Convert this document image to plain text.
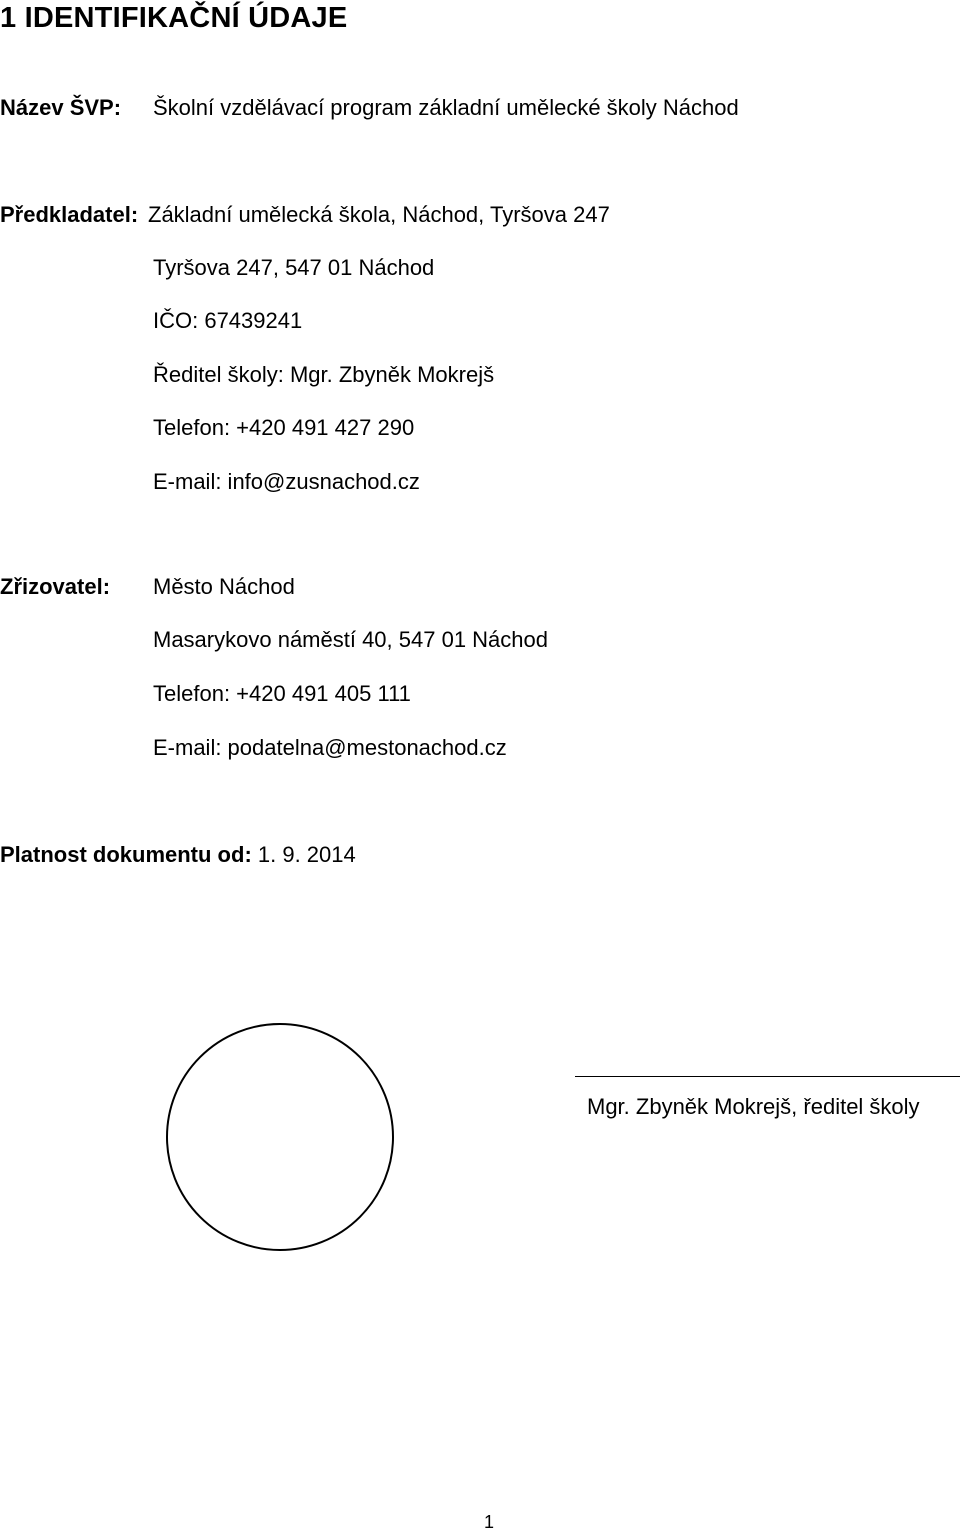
1 IDENTIFIKAČNÍ ÚDAJE
Název ŠVP: Školní vzdělávací program základní umělecké školy Náchod
Předkladatel: Základní umělecká škola, Náchod, Tyršova 247
Tyršova 247, 547 01 Náchod
IČO: 67439241
Ředitel školy: Mgr. Zbyněk Mokrejš
Telefon: +420 491 427 290
E-mail: info@zusnachod.cz
Zřizovatel: Město Náchod
Masarykovo náměstí 40, 547 01 Náchod
Telefon: +420 491 405 111
E-mail: podatelna@mestonachod.cz
Platnost dokumentu od: 1. 9. 2014
Mgr. Zbyněk Mokrejš, ředitel školy
1
